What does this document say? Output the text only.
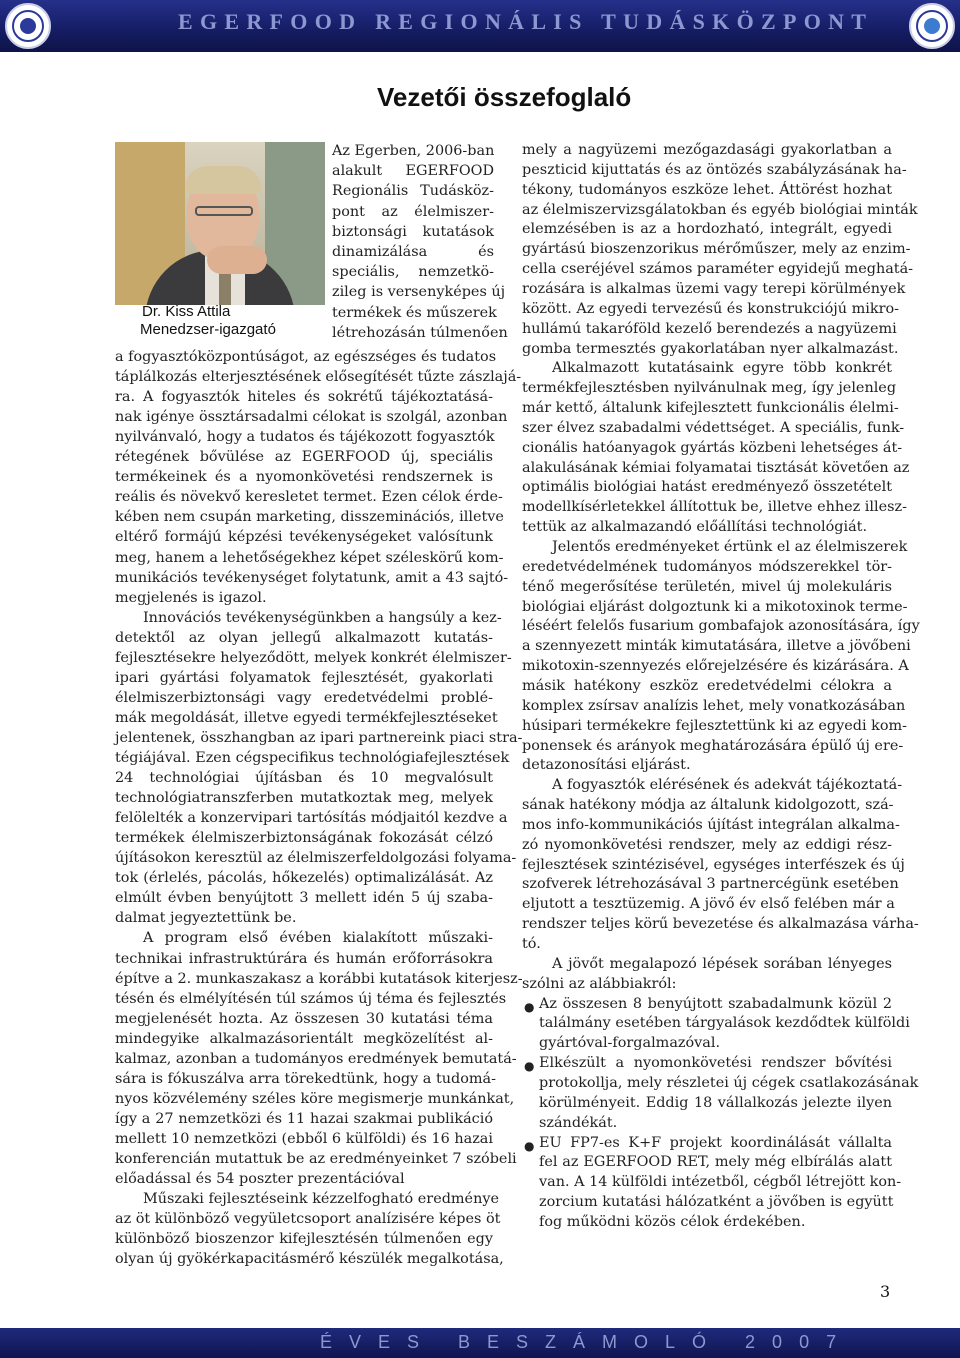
EGERFOOD REGIONÁLIS TUDÁSKÖZPONT
Vezetői összefoglaló
Dr. Kiss Attila
Menedzser-igazgató
Az Egerben, 2006-ban
alakult EGERFOOD
Regionális Tudásköz-
pont az élelmiszer-
biztonsági kutatások
dinamizálása és
speciális, nemzetkö-
zileg is versenyképes új
termékek és műszerek
létrehozásán túlmenően
a fogyasztóközpontúságot, az egészséges és tudatos
táplálkozás elterjesztésének elősegítését tűzte zászlajá-
ra. A fogyasztók hiteles és sokrétű tájékoztatásá-
nak igénye össztársadalmi célokat is szolgál, azonban
nyilvánvaló, hogy a tudatos és tájékozott fogyasztók
rétegének bővülése az EGERFOOD új, speciális
termékeinek és a nyomonkövetési rendszernek is
reális és növekvő keresletet termet. Ezen célok érde-
kében nem csupán marketing, disszeminációs, illetve
eltérő formájú képzési tevékenységeket valósítunk
meg, hanem a lehetőségekhez képet széleskörű kom-
munikációs tevékenységet folytatunk, amit a 43 sajtó-
megjelenés is igazol.
Innovációs tevékenységünkben a hangsúly a kez-
detektől az olyan jellegű alkalmazott kutatás-
fejlesztésekre helyeződött, melyek konkrét élelmiszer-
ipari gyártási folyamatok fejlesztését, gyakorlati
élelmiszerbiztonsági vagy eredetvédelmi problé-
mák megoldását, illetve egyedi termékfejlesztéseket
jelentenek, összhangban az ipari partnereink piaci stra-
tégiájával. Ezen cégspecifikus technológiafejlesztések
24 technológiai újításban és 10 megvalósult
technológiatranszferben mutatkoztak meg, melyek
felölelték a konzervipari tartósítás módjaitól kezdve a
termékek élelmiszerbiztonságának fokozását célzó
újításokon keresztül az élelmiszerfeldolgozási folyama-
tok (érlelés, pácolás, hőkezelés) optimalizálását. Az
elmúlt évben benyújtott 3 mellett idén 5 új szaba-
dalmat jegyeztettünk be.
A program első évében kialakított műszaki-
technikai infrastruktúrára és humán erőforrásokra
építve a 2. munkaszakasz a korábbi kutatások kiterjesz-
tésén és elmélyítésén túl számos új téma és fejlesztés
megjelenését hozta. Az összesen 30 kutatási téma
mindegyike alkalmazásorientált megközelítést al-
kalmaz, azonban a tudományos eredmények bemutatá-
sára is fókuszálva arra törekedtünk, hogy a tudomá-
nyos közvélemény széles köre megismerje munkánkat,
így a 27 nemzetközi és 11 hazai szakmai publikáció
mellett 10 nemzetközi (ebből 6 külföldi) és 16 hazai
konferencián mutattuk be az eredményeinket 7 szóbeli
előadással és 54 poszter prezentációval
Műszaki fejlesztéseink kézzelfogható eredménye
az öt különböző vegyületcsoport analízisére képes öt
különböző bioszenzor kifejlesztésén túlmenően egy
olyan új gyökérkapacitásmérő készülék megalkotása,
mely a nagyüzemi mezőgazdasági gyakorlatban a
peszticid kijuttatás és az öntözés szabályzásának ha-
tékony, tudományos eszköze lehet. Áttörést hozhat
az élelmiszervizsgálatokban és egyéb biológiai minták
elemzésében is az a hordozható, integrált, egyedi
gyártású bioszenzorikus mérőműszer, mely az enzim-
cella cseréjével számos paraméter egyidejű meghatá-
rozására is alkalmas üzemi vagy terepi körülmények
között. Az egyedi tervezésű és konstrukciójú mikro-
hullámú takaróföld kezelő berendezés a nagyüzemi
gomba termesztés gyakorlatában nyer alkalmazást.
Alkalmazott kutatásaink egyre több konkrét
termékfejlesztésben nyilvánulnak meg, így jelenleg
már kettő, általunk kifejlesztett funkcionális élelmi-
szer élvez szabadalmi védettséget. A speciális, funk-
cionális hatóanyagok gyártás közbeni lehetséges át-
alakulásának kémiai folyamatai tisztását követően az
optimális biológiai hatást eredményező összetételt
modellkísérletekkel állítottuk be, illetve ehhez illesz-
tettük az alkalmazandó előállítási technológiát.
Jelentős eredményeket értünk el az élelmiszerek
eredetvédelmének tudományos módszerekkel tör-
ténő megerősítése területén, mivel új molekuláris
biológiai eljárást dolgoztunk ki a mikotoxinok terme-
léséért felelős fusarium gombafajok azonosítására, így
a szennyezett minták kimutatására, illetve a jövőbeni
mikotoxin-szennyezés előrejelzésére és kizárására. A
másik hatékony eszköz eredetvédelmi célokra a
komplex zsírsav analízis lehet, mely vonatkozásában
húsipari termékekre fejlesztettünk ki az egyedi kom-
ponensek és arányok meghatározására épülő új ere-
detazonosítási eljárást.
A fogyasztók elérésének és adekvát tájékoztatá-
sának hatékony módja az általunk kidolgozott, szá-
mos info-kommunikációs újítást integrálan alkalma-
zó nyomonkövetési rendszer, mely az eddigi rész-
fejlesztések szintézisével, egységes interfészek és új
szofverek létrehozásával 3 partnercégünk esetében
eljutott a tesztüzemig. A jövő év első felében már a
rendszer teljes körű bevezetése és alkalmazása várha-
tó.
A jövőt megalapozó lépések sorában lényeges
szólni az alábbiakról:
Az összesen 8 benyújtott szabadalmunk közül 2
●
találmány esetében tárgyalások kezdődtek külföldi
gyártóval-forgalmazóval.
Elkészült a nyomonkövetési rendszer bővítési
●
protokollja, mely részletei új cégek csatlakozásának
körülményeit. Eddig 18 vállalkozás jelezte ilyen
szándékát.
EU FP7-es K+F projekt koordinálását vállalta
●
fel az EGERFOOD RET, mely még elbírálás alatt
van. A 14 külföldi intézetből, cégből létrejött kon-
zorcium kutatási hálózatként a jövőben is együtt
fog működni közös célok érdekében.
3
ÉVES BESZÁMOLÓ 2007
